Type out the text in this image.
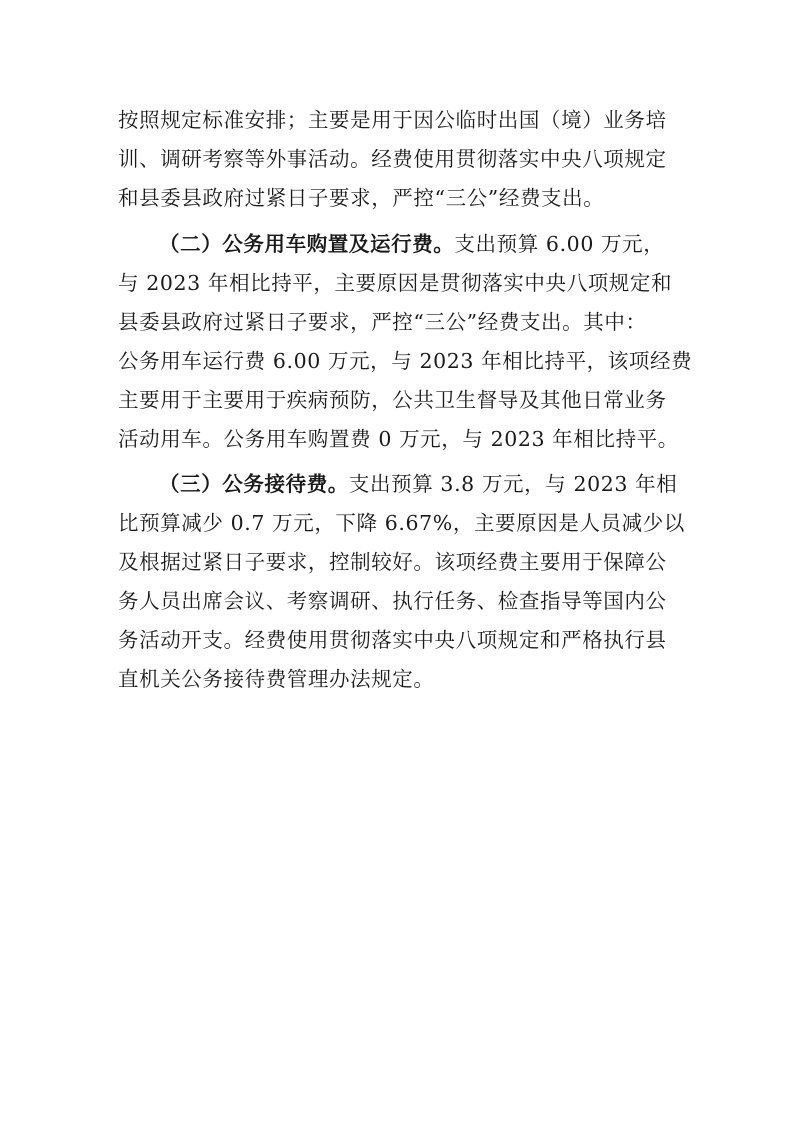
按照规定标准安排；主要是用于因公临时出国（境）业务培
训、调研考察等外事活动。经费使用贯彻落实中央八项规定
和县委县政府过紧日子要求，严控“三公”经费支出。
（二）公务用车购置及运行费。支出预算 6.00 万元，
与 2023 年相比持平，主要原因是贯彻落实中央八项规定和
县委县政府过紧日子要求，严控“三公”经费支出。其中：
公务用车运行费 6.00 万元，与 2023 年相比持平，该项经费
主要用于主要用于疾病预防，公共卫生督导及其他日常业务
活动用车。公务用车购置费 0 万元，与 2023 年相比持平。
（三）公务接待费。支出预算 3.8 万元，与 2023 年相
比预算减少 0.7 万元，下降 6.67%，主要原因是人员减少以
及根据过紧日子要求，控制较好。该项经费主要用于保障公
务人员出席会议、考察调研、执行任务、检查指导等国内公
务活动开支。经费使用贯彻落实中央八项规定和严格执行县
直机关公务接待费管理办法规定。
